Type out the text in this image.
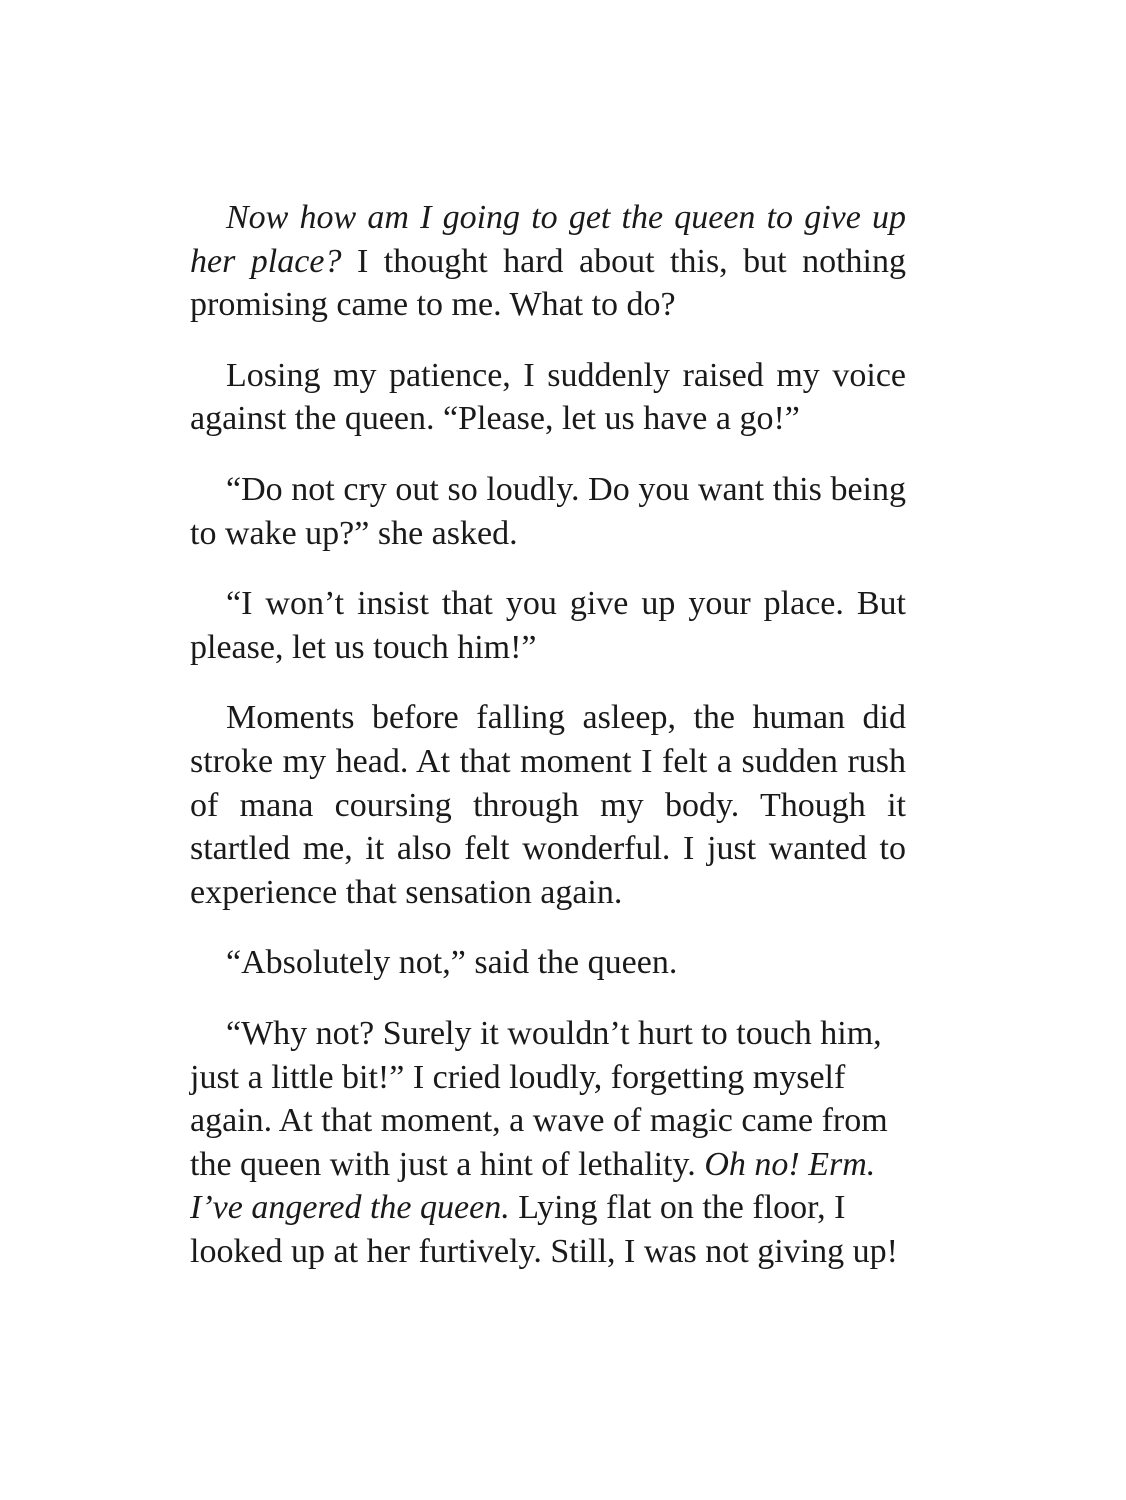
Now how am I going to get the queen to give up her place? I thought hard about this, but nothing promising came to me. What to do?

Losing my patience, I suddenly raised my voice against the queen. “Please, let us have a go!”

“Do not cry out so loudly. Do you want this being to wake up?” she asked.

“I won’t insist that you give up your place. But please, let us touch him!”

Moments before falling asleep, the human did stroke my head. At that moment I felt a sudden rush of mana coursing through my body. Though it startled me, it also felt wonderful. I just wanted to experience that sensation again.

“Absolutely not,” said the queen.

“Why not? Surely it wouldn’t hurt to touch him, just a little bit!” I cried loudly, forgetting myself again. At that moment, a wave of magic came from the queen with just a hint of lethality. Oh no! Erm. I’ve angered the queen. Lying flat on the floor, I looked up at her furtively. Still, I was not giving up!
